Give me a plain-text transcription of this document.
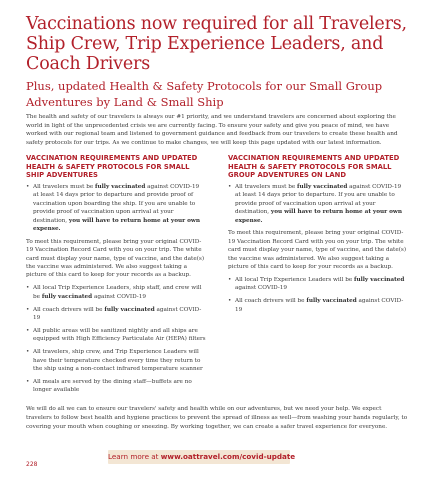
Vaccinations now required for all Travelers, Ship Crew, Trip Experience Leaders, and Coach Drivers
Plus, updated Health & Safety Protocols for our Small Group Adventures by Land & Small Ship

The health and safety of our travelers is always our #1 priority, and we understand travelers are concerned about exploring the world in light of the unprecedented crisis we are currently facing. To ensure your safety and give you peace of mind, we have worked with our regional team and listened to government guidance and feedback from our travelers to create these health and safety protocols for our trips. As we continue to make changes, we will keep this page updated with our latest information.

VACCINATION REQUIREMENTS AND UPDATED HEALTH & SAFETY PROTOCOLS FOR SMALL SHIP ADVENTURES
• All travelers must be fully vaccinated against COVID-19 at least 14 days prior to departure and provide proof of vaccination upon boarding the ship. If you are unable to provide proof of vaccination upon arrival at your destination, you will have to return home at your own expense.

To meet this requirement, please bring your original COVID-19 Vaccination Record Card with you on your trip. The white card must display your name, type of vaccine, and the date(s) the vaccine was administered. We also suggest taking a picture of this card to keep for your records as a backup.

• All local Trip Experience Leaders, ship staff, and crew will be fully vaccinated against COVID-19
• All coach drivers will be fully vaccinated against COVID-19
• All public areas will be sanitized nightly and all ships are equipped with High Efficiency Particulate Air (HEPA) filters
• All travelers, ship crew, and Trip Experience Leaders will have their temperature checked every time they return to the ship using a non-contact infrared temperature scanner
• All meals are served by the dining staff—buffets are no longer available
VACCINATION REQUIREMENTS AND UPDATED HEALTH & SAFETY PROTOCOLS FOR SMALL GROUP ADVENTURES ON LAND
• All travelers must be fully vaccinated against COVID-19 at least 14 days prior to departure. If you are unable to provide proof of vaccination upon arrival at your destination, you will have to return home at your own expense.

To meet this requirement, please bring your original COVID-19 Vaccination Record Card with you on your trip. The white card must display your name, type of vaccine, and the date(s) the vaccine was administered. We also suggest taking a picture of this card to keep for your records as a backup.

• All local Trip Experience Leaders will be fully vaccinated against COVID-19
• All coach drivers will be fully vaccinated against COVID-19

We will do all we can to ensure our travelers' safety and health while on our adventures, but we need your help. We expect travelers to follow best health and hygiene practices to prevent the spread of illness as well—from washing your hands regularly, to covering your mouth when coughing or sneezing. By working together, we can create a safer travel experience for everyone.

228
Learn more at www.oattravel.com/covid-update
